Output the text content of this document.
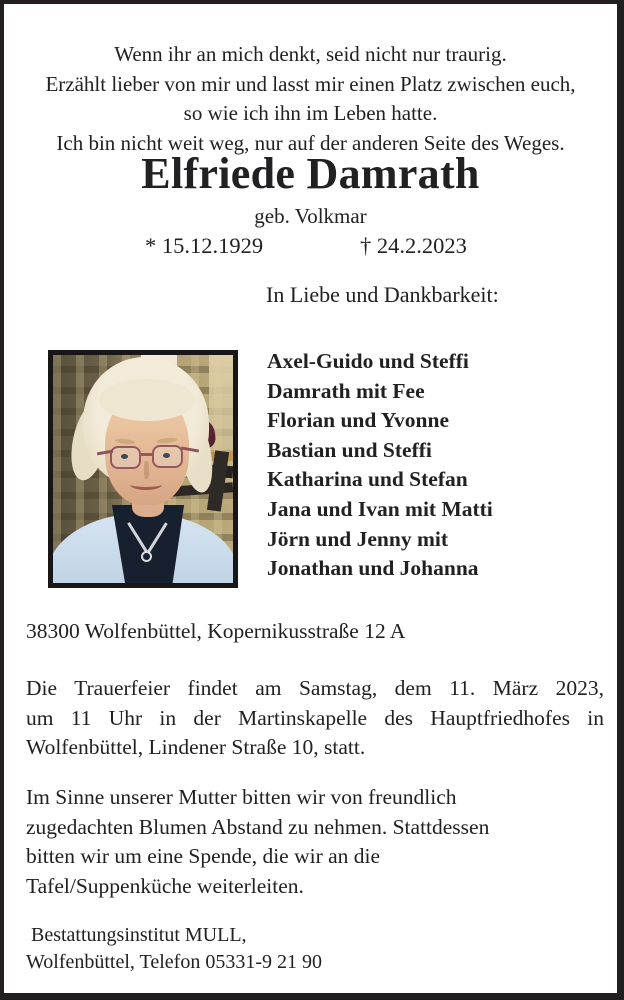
Wenn ihr an mich denkt, seid nicht nur traurig.
Erzählt lieber von mir und lasst mir einen Platz zwischen euch,
so wie ich ihn im Leben hatte.
Ich bin nicht weit weg, nur auf der anderen Seite des Weges.
Elfriede Damrath
geb. Volkmar
* 15.12.1929	† 24.2.2023
In Liebe und Dankbarkeit:
Axel-Guido und Steffi
Damrath mit Fee
Florian und Yvonne
Bastian und Steffi
Katharina und Stefan
Jana und Ivan mit Matti
Jörn und Jenny mit
Jonathan und Johanna
38300 Wolfenbüttel, Kopernikusstraße 12 A
Die Trauerfeier findet am Samstag, dem 11. März 2023,
um 11 Uhr in der Martinskapelle des Hauptfriedhofes in
Wolfenbüttel, Lindener Straße 10, statt.
Im Sinne unserer Mutter bitten wir von freundlich
zugedachten Blumen Abstand zu nehmen. Stattdessen
bitten wir um eine Spende, die wir an die
Tafel/Suppenküche weiterleiten.
Bestattungsinstitut MULL,
Wolfenbüttel, Telefon 05331-9 21 90
